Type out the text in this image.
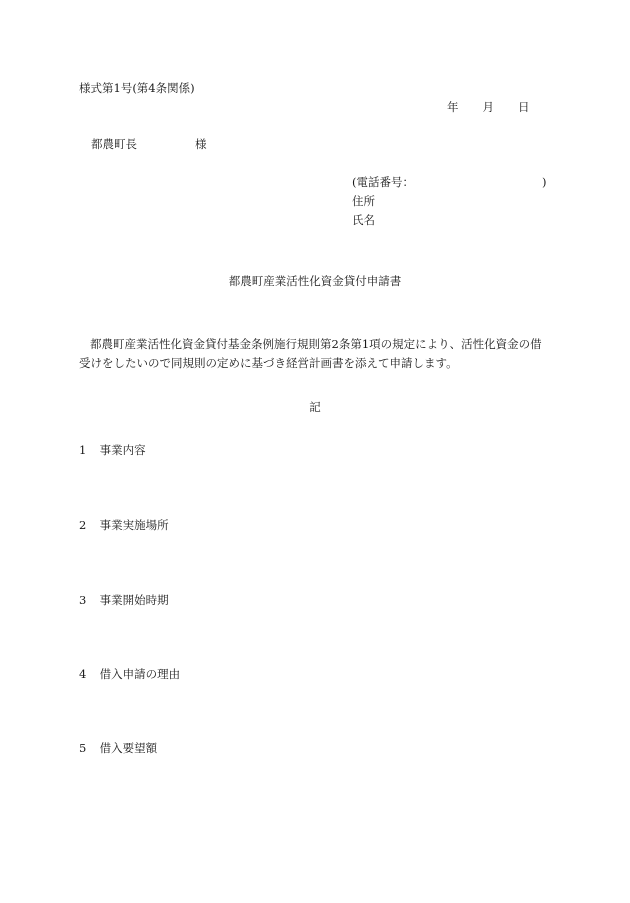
様式第1号(第4条関係)
年 月 日
都農町長	様
(電話番号：	)
住所
氏名
都農町産業活性化資金貸付申請書
都農町産業活性化資金貸付基金条例施行規則第2条第1項の規定により、活性化資金の借受けをしたいので同規則の定めに基づき経営計画書を添えて申請します。
記
1 事業内容
2 事業実施場所
3 事業開始時期
4 借入申請の理由
5 借入要望額
